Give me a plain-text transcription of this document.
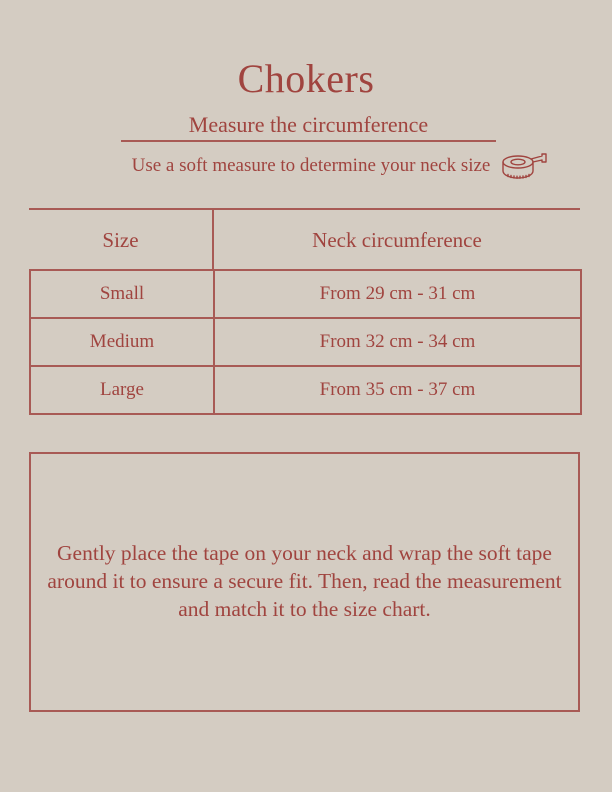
Chokers
Measure the circumference
Use a soft measure to determine your neck size
Size	Neck circumference
Small	From 29 cm - 31 cm
Medium	From 32 cm - 34 cm
Large	From 35 cm - 37 cm
Gently place the tape on your neck and wrap the soft tape around it to ensure a secure fit. Then, read the measurement and match it to the size chart.
